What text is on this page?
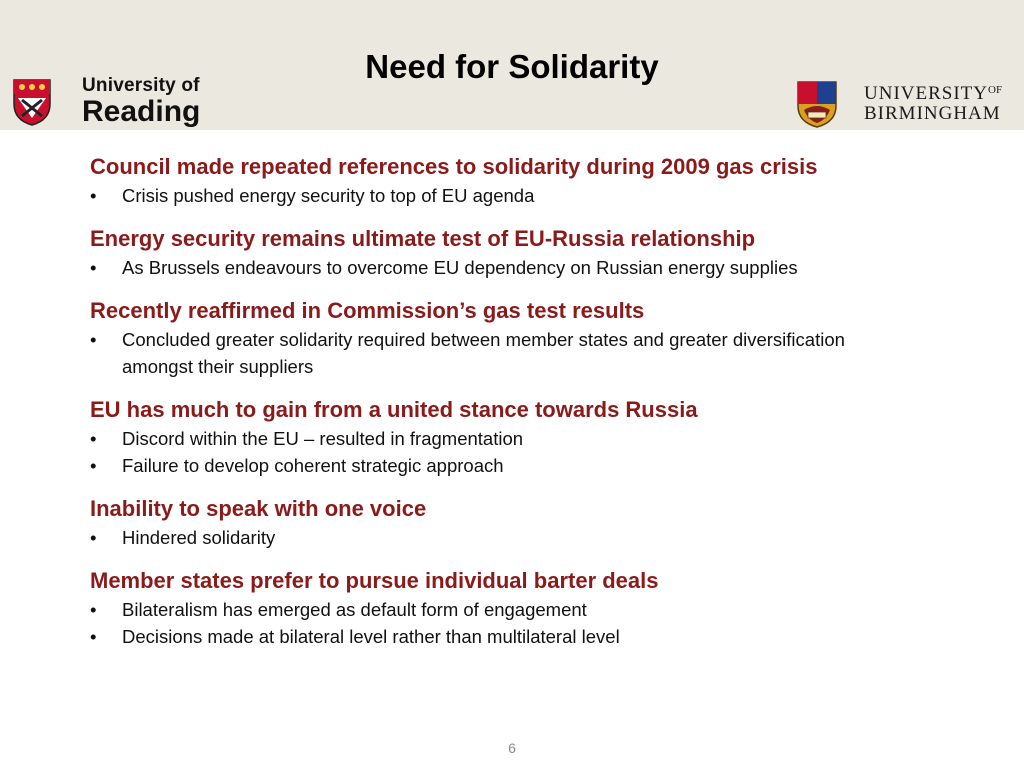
University of
Reading
Need for Solidarity
$UNIVERSITY^{OF}$
BIRMINGHAM
Council made repeated references to solidarity during 2009 gas crisis
• Crisis pushed energy security to top of EU agenda
Energy security remains ultimate test of EU-Russia relationship
• As Brussels endeavours to overcome EU dependency on Russian energy supplies
Recently reaffirmed in Commission’s gas test results
• Concluded greater solidarity required between member states and greater diversification amongst their suppliers
EU has much to gain from a united stance towards Russia
• Discord within the EU – resulted in fragmentation
• Failure to develop coherent strategic approach
Inability to speak with one voice
• Hindered solidarity
Member states prefer to pursue individual barter deals
• Bilateralism has emerged as default form of engagement
• Decisions made at bilateral level rather than multilateral level
6
